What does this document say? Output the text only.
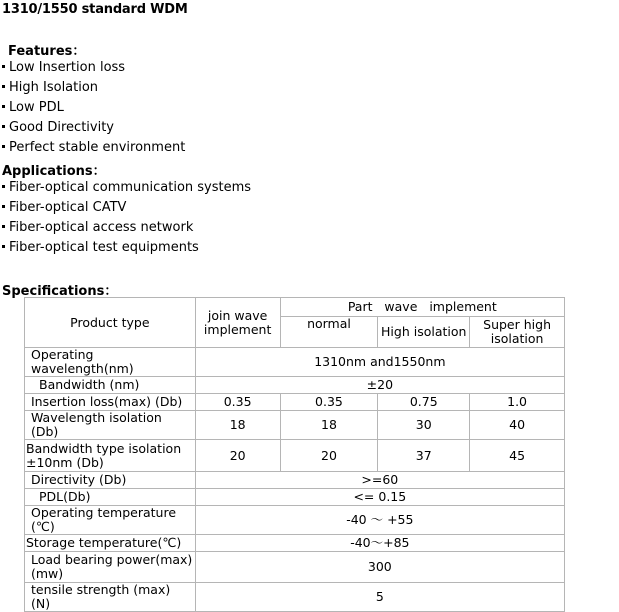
1310/1550 standard WDM
Features：
Low Insertion loss
High Isolation
Low PDL
Good Directivity
Perfect stable environment
Applications：
Fiber-optical communication systems
Fiber-optical CATV
Fiber-optical access network
Fiber-optical test equipments
Specifications：
Product type	join wave implement	Part   wave   implement		
		normal	High isolation	Super high isolation
Operating wavelength(nm)	1310nm and1550nm			
Bandwidth (nm)	±20			
Insertion loss(max) (Db)	0.35	0.35	0.75	1.0
Wavelength isolation (Db)	18	18	30	40
Bandwidth type isolation ±10nm (Db)	20	20	37	45
Directivity (Db)	>=60			
PDL(Db)	<= 0.15			
Operating temperature (℃)	-40 ～ +55			
Storage temperature(℃)	-40～+85			
Load bearing power(max) (mw)	300			
tensile strength (max) (N)	5			
